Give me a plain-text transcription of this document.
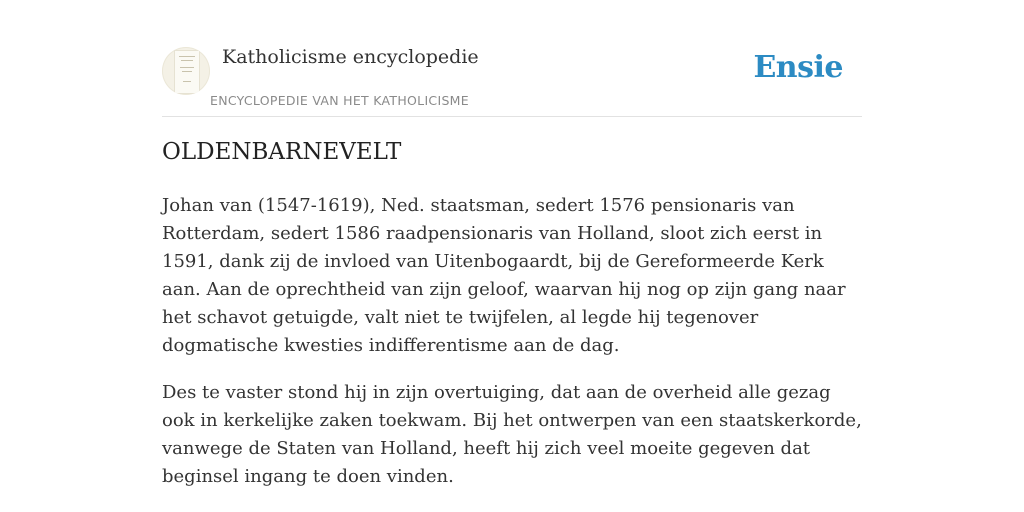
Katholicisme encyclopedie
ENCYCLOPEDIE VAN HET KATHOLICISME
Ensie
OLDENBARNEVELT

Johan van (1547-1619), Ned. staatsman, sedert 1576 pensionaris van Rotterdam, sedert 1586 raadpensionaris van Holland, sloot zich eerst in 1591, dank zij de invloed van Uitenbogaardt, bij de Gereformeerde Kerk aan. Aan de oprechtheid van zijn geloof, waarvan hij nog op zijn gang naar het schavot getuigde, valt niet te twijfelen, al legde hij tegenover dogmatische kwesties indifferentisme aan de dag.

Des te vaster stond hij in zijn overtuiging, dat aan de overheid alle gezag ook in kerkelijke zaken toekwam. Bij het ontwerpen van een staatskerkorde, vanwege de Staten van Holland, heeft hij zich veel moeite gegeven dat beginsel ingang te doen vinden.
